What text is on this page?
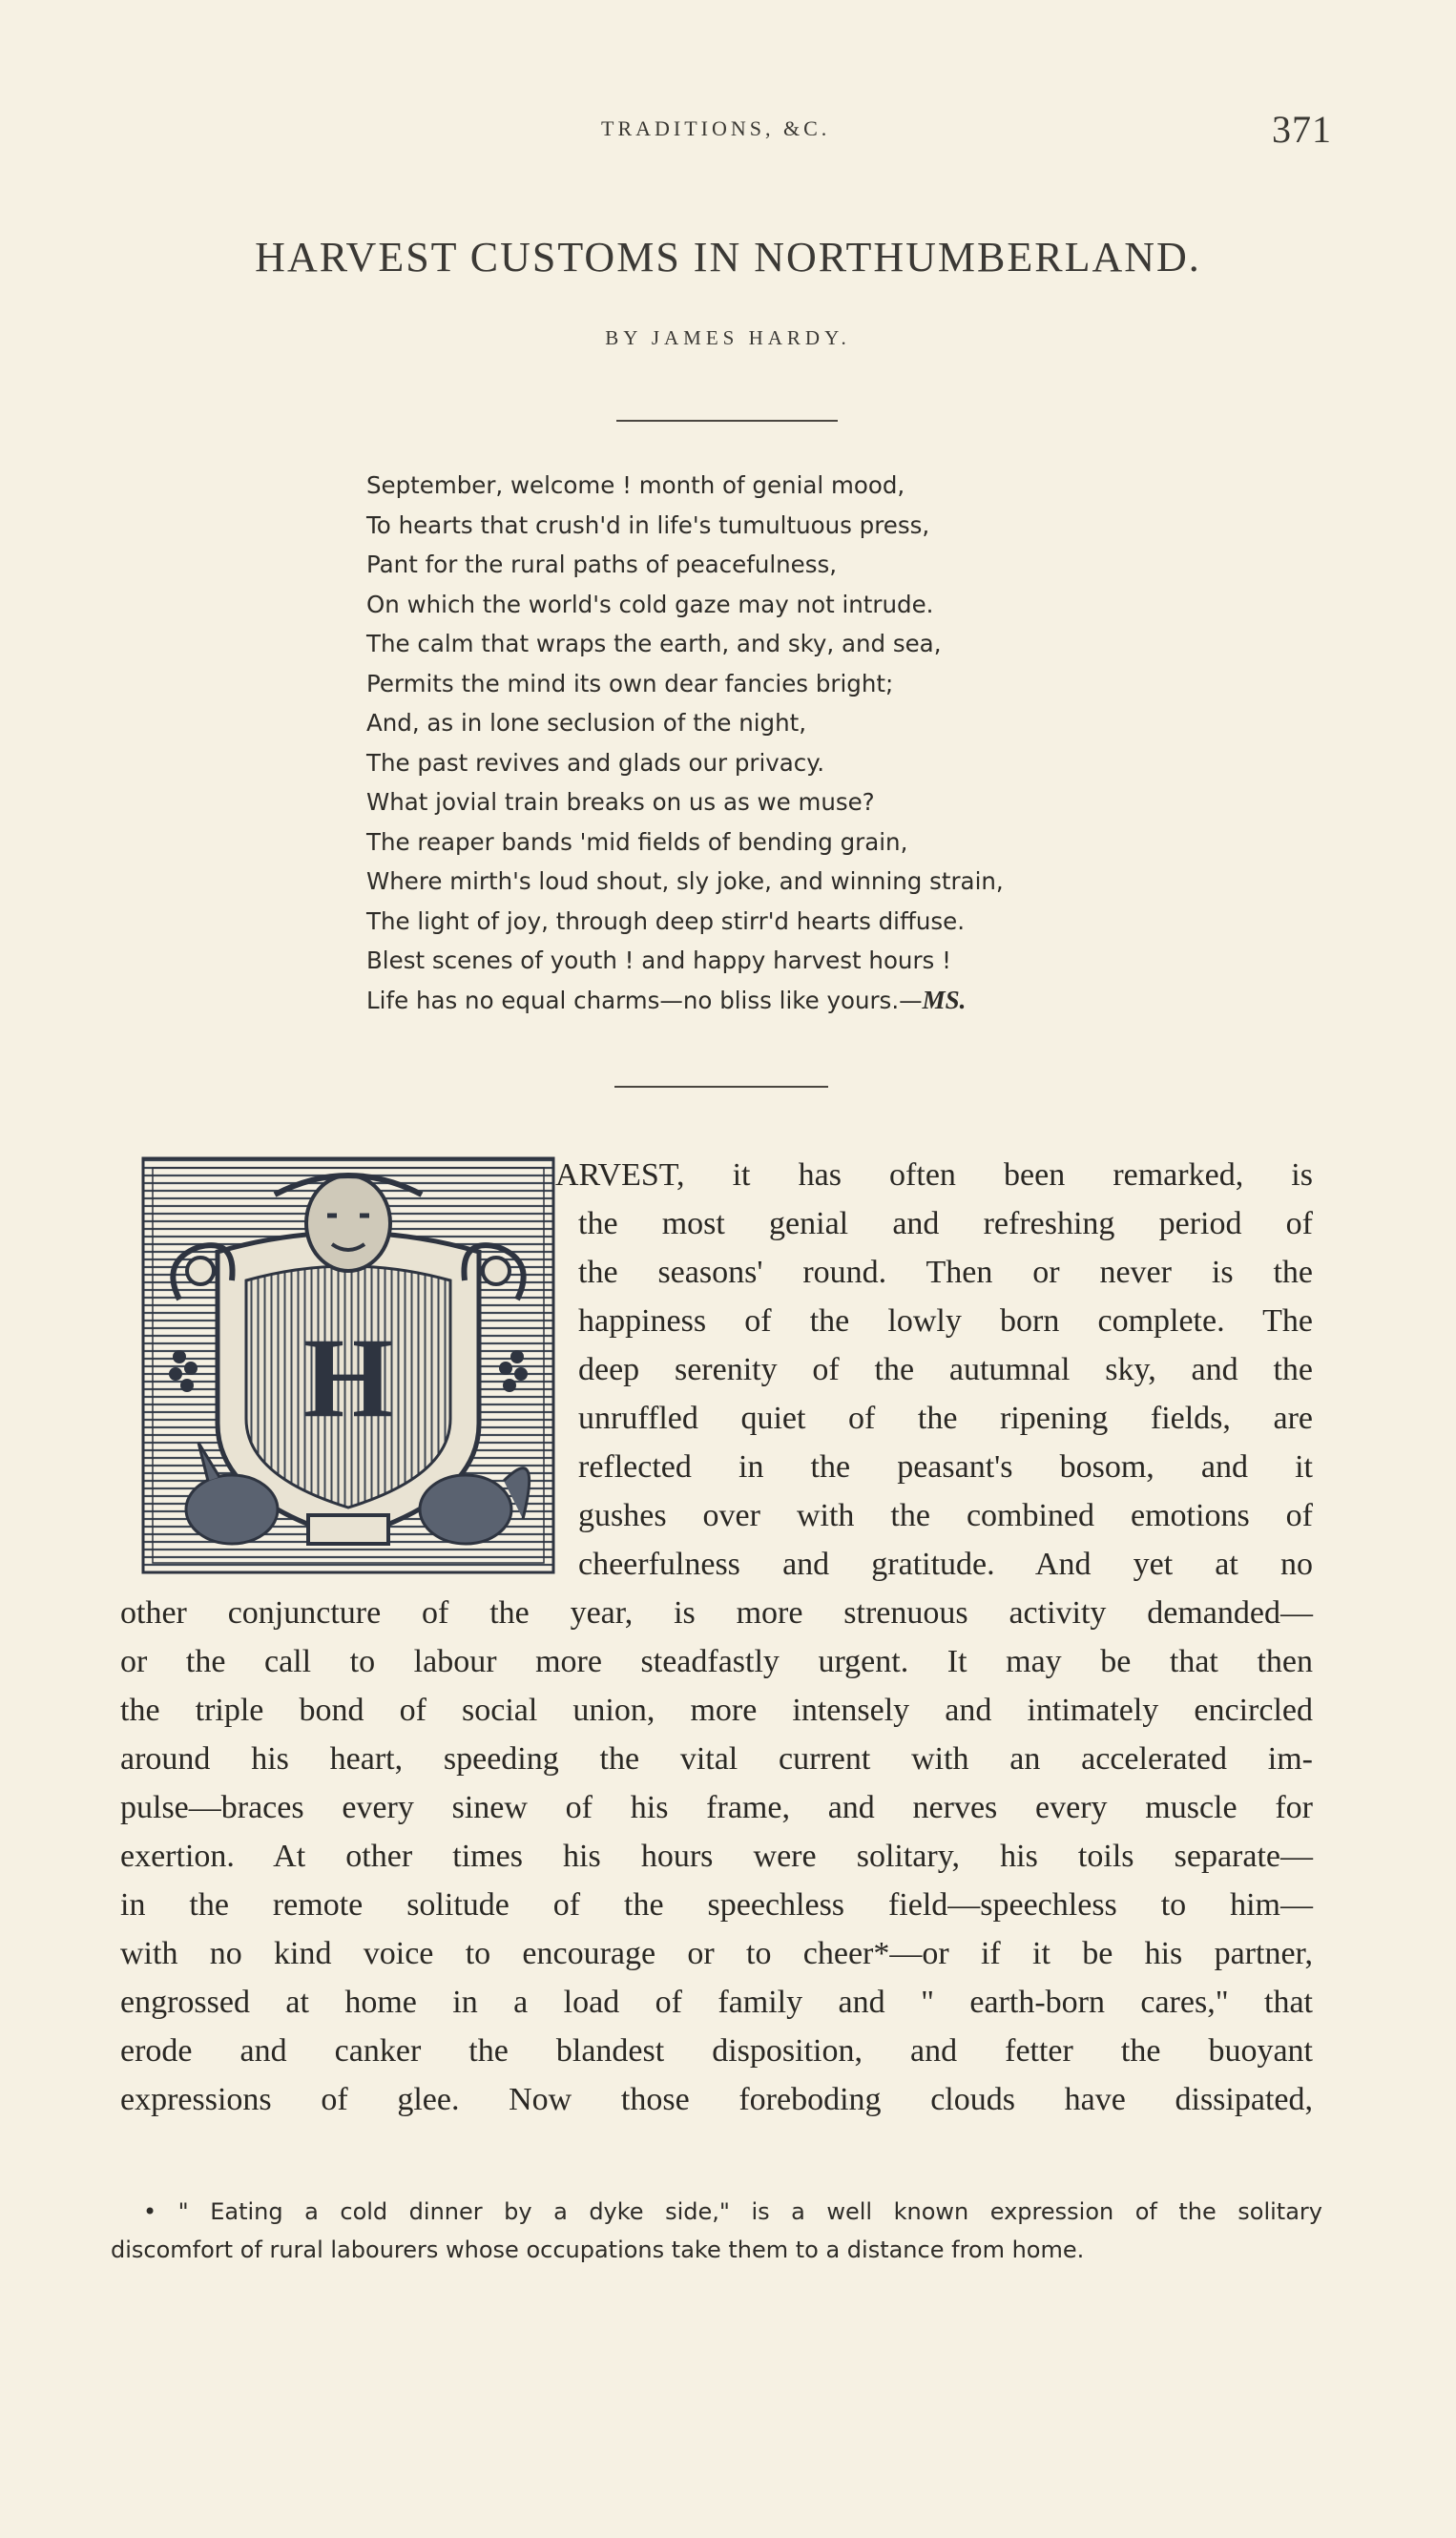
TRADITIONS, &C.	371
HARVEST CUSTOMS IN NORTHUMBERLAND.
BY JAMES HARDY.
September, welcome ! month of genial mood,
To hearts that crush'd in life's tumultuous press,
Pant for the rural paths of peacefulness,
On which the world's cold gaze may not intrude.
The calm that wraps the earth, and sky, and sea,
Permits the mind its own dear fancies bright;
And, as in lone seclusion of the night,
The past revives and glads our privacy.
What jovial train breaks on us as we muse?
The reaper bands 'mid fields of bending grain,
Where mirth's loud shout, sly joke, and winning strain,
The light of joy, through deep stirr'd hearts diffuse.
Blest scenes of youth ! and happy harvest hours !
Life has no equal charms—no bliss like yours.—MS.
H
ARVEST, it has often been remarked, is
the most genial and refreshing period of
the seasons' round. Then or never is the
happiness of the lowly born complete. The
deep serenity of the autumnal sky, and the
unruffled quiet of the ripening fields, are
reflected in the peasant's bosom, and it
gushes over with the combined emotions of
cheerfulness and gratitude. And yet at no
other conjuncture of the year, is more strenuous activity demanded—
or the call to labour more steadfastly urgent. It may be that then
the triple bond of social union, more intensely and intimately encircled
around his heart, speeding the vital current with an accelerated im-
pulse—braces every sinew of his frame, and nerves every muscle for
exertion. At other times his hours were solitary, his toils separate—
in the remote solitude of the speechless field—speechless to him—
with no kind voice to encourage or to cheer*—or if it be his partner,
engrossed at home in a load of family and " earth-born cares," that
erode and canker the blandest disposition, and fetter the buoyant
expressions of glee. Now those foreboding clouds have dissipated,
• " Eating a cold dinner by a dyke side," is a well known expression of the solitary
discomfort of rural labourers whose occupations take them to a distance from home.
